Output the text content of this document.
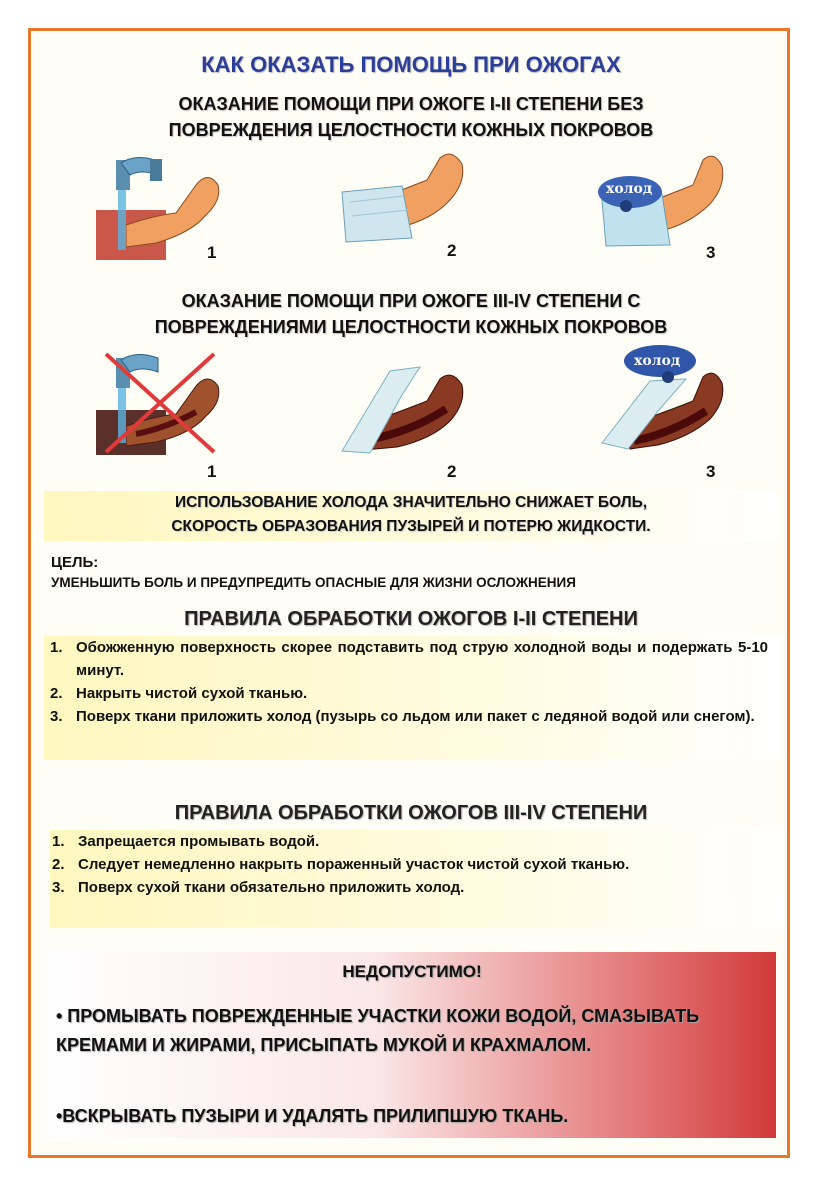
КАК ОКАЗАТЬ ПОМОЩЬ ПРИ ОЖОГАХ
ОКАЗАНИЕ ПОМОЩИ ПРИ ОЖОГЕ I-II СТЕПЕНИ БЕЗ
ПОВРЕЖДЕНИЯ ЦЕЛОСТНОСТИ КОЖНЫХ ПОКРОВОВ
1	2
холод
3
ОКАЗАНИЕ ПОМОЩИ ПРИ ОЖОГЕ III-IV СТЕПЕНИ С
ПОВРЕЖДЕНИЯМИ ЦЕЛОСТНОСТИ КОЖНЫХ ПОКРОВОВ
1	2
холод
3
ИСПОЛЬЗОВАНИЕ ХОЛОДА ЗНАЧИТЕЛЬНО СНИЖАЕТ БОЛЬ,
СКОРОСТЬ ОБРАЗОВАНИЯ ПУЗЫРЕЙ И ПОТЕРЮ ЖИДКОСТИ.
ЦЕЛЬ:
УМЕНЬШИТЬ БОЛЬ И ПРЕДУПРЕДИТЬ ОПАСНЫЕ ДЛЯ ЖИЗНИ ОСЛОЖНЕНИЯ
ПРАВИЛА ОБРАБОТКИ ОЖОГОВ I-II СТЕПЕНИ
1. Обожженную поверхность скорее подставить под струю холодной воды и подержать 5-10 минут.
2. Накрыть чистой сухой тканью.
3. Поверх ткани приложить холод (пузырь со льдом или пакет с ледяной водой или снегом).
ПРАВИЛА ОБРАБОТКИ ОЖОГОВ III-IV СТЕПЕНИ
1. Запрещается промывать водой.
2. Следует немедленно накрыть пораженный участок чистой сухой тканью.
3. Поверх сухой ткани обязательно приложить холод.
НЕДОПУСТИМО!
• ПРОМЫВАТЬ ПОВРЕЖДЕННЫЕ УЧАСТКИ КОЖИ ВОДОЙ, СМАЗЫВАТЬ КРЕМАМИ И ЖИРАМИ, ПРИСЫПАТЬ МУКОЙ И КРАХМАЛОМ.
•ВСКРЫВАТЬ ПУЗЫРИ И УДАЛЯТЬ ПРИЛИПШУЮ ТКАНЬ.
